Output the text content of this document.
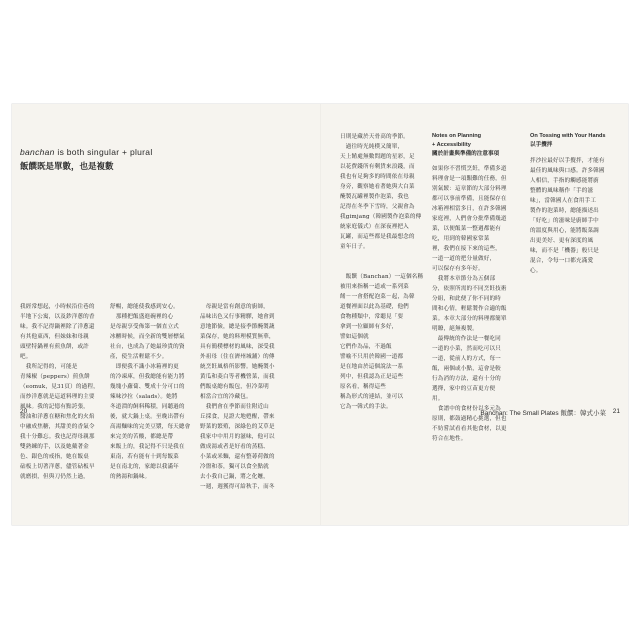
banchan is both singular + plural
飯饌既是單數，也是複數
我經常想起，小時候沿住巷的
半地下公寓，以及鈔洋蔥的香
味。我不記得鍋裡除了洋蔥還
有其他東西，但妹妹和母親
頭壁特鍋裡有煎魚餅，或許
吧。
　我所記得的，可能是
青辣椒（peppers）煎魚餅
（eomuk，見31頁）的過程，
而炒洋蔥就是這道料理的主要
風味。我的記憶有點誇張，
醬油和洋蔥在糖和焦化的火焰
中融成焦糖，其甜美的香氣令
我十分難忘。我也記得母親那
雙熟練的手，以及她戴著金
色、銀色的戒指，她在飯桌
砧板上切著洋蔥，儘管砧板早
就磨損，但與刀仍然上過，
舒暢，總能使我感到安心。
　那種把飯盛進碗裡的心
是母親享受佈第一個直立式
冰櫃時候，而全新的雙層標氣
社台，也成為了她最珍貴的資
產，使生活輕鬆不少。
　即便我不識小冰箱裡的更
的冷凍庫，但我總能有能力將
幾塊小蘿蔔、雙成十分可口的
辣味沙拉（salads）。她將
冬道潰的飼料稀積，同聽過的
後，就大鍋上桌。至晚出帶有
高湯麵味的完美豆漿，每天總會
來完美的苦酸，都總是帶
來飯上的，我記得不只是我在
東南，若有能有十到每飯菜
是在南北的，家總以我滿年
的熱湯和鍋味。
　母親是當有創意的廚師，
品味出色又行事精驛，她會到
意地節儉，總是接季節醃製蔬
菜保存，她的料理模質無華，
具有簡樸標材的風味，深受我
外祖母（住在濟州城舖）的傳
統烹飪風格所影響。她醃製小
黃瓜和菱白等者機營菜，而我
們飯桌總有飯包，但冷菜明
相當合宜的冷藏包。
　我們會在季節而往附近山
丘採食，見證大地甦醒，帶來
野菜的繁殖，深綠色的艾草是
我家中中用月的滋味，他可以
做成湯或者是好看的蒸糕、
小菜或米麵，還有整蕁荷做的
冷盤和茶，獨可以食全點就
去小我自己鍋，將之化嬤，
一週，週獲得可給秋手，而冬
20
日則是藏於天骨高的季節。
　過往時光純樸又簡單，
天上餚處無數問題的星彩，足
以花費錢所有剩貨來浪錢，而
我也有足夠多的時間依在母親
身旁，觀察她看著她與大白菜
醃製瓦罐裡製作泡菜，我也
記得在冬季下雪時，父親會為
我gimjang（韓國製作泡菜的傳
統家庭儀式）在深夜裡把入
瓦罐，而這些都是我最想念的
童年日子。

　飯饌（Banchan）一這個名稱
被用來指稱一道或一系列菜
餚－一會搭配泡菜－起，為韓
道餐裡面以此為基礎，他們
食物種類中，常聽見「要
拿到一位顧師有多好，
譬如這個就
它們作為品，不過飯
譬喻不只用於韓國一道都
是在地由於這個說法一系
列中，但我認為正是這些
原名看，稱得這些
稱為形式的連結，並可以
它為一韓式的手法。
如果你不習慣烹飪，準備多道
料理會是一項艱難的任務，但
別氣餒：這章節的大部分料理
都可以事前準備，且能保存在
冰箱裡相當多日，在許多韓國
家庭裡，人們會分批準備幾道
菜，以便飯菜一整週都能有
吃，用到的韓國家常菜
裡，我們在接下來的這些，
一道一道的把分量做好，
可以保存有多年好。
　我將本章節分為五個部
分，依照所需的不同烹飪技術
分組，和此便了你不同的時
間和心情，輕鬆製作合適的飯
菜。本章大部分的料理都簡單
明瞭，絕無複製。
　最傳統的作法是一餐吃同
一道的小菜，然而吃可以只
一道，從前人的方式，每一
飯，兩個或小點，這會是較
行為消的方法，還有十分的
選擇，家中的豆苗更方便
用。
　食譜中的食材份以多元為
原則，都鼓過精心挑選，但也
不妨嘗試看看其他食材，以更
符合在地性。
Notes on Planning
+ Accessibility
關於計畫與準備的注意事項
On Tossing with Your Hands
以手攪拌
拌沙拉最好以手攪拌，才能有
最佳的風味與口感。許多韓國
人相信，手指的觸感能將廚
整體的風味稱作「手的滋
味」，當韓國人在食用手工
製作的泡菜時，總能描述出
「好吃」的滋味是廚師手中
的溫度與用心，能將飯菜調
出更美好、更有深度的風
味，而不是「機器」般只是
混合，令每一口都充滿愛
心。
Banchan: The Small Plates 飯饌：韓式小菜 21
